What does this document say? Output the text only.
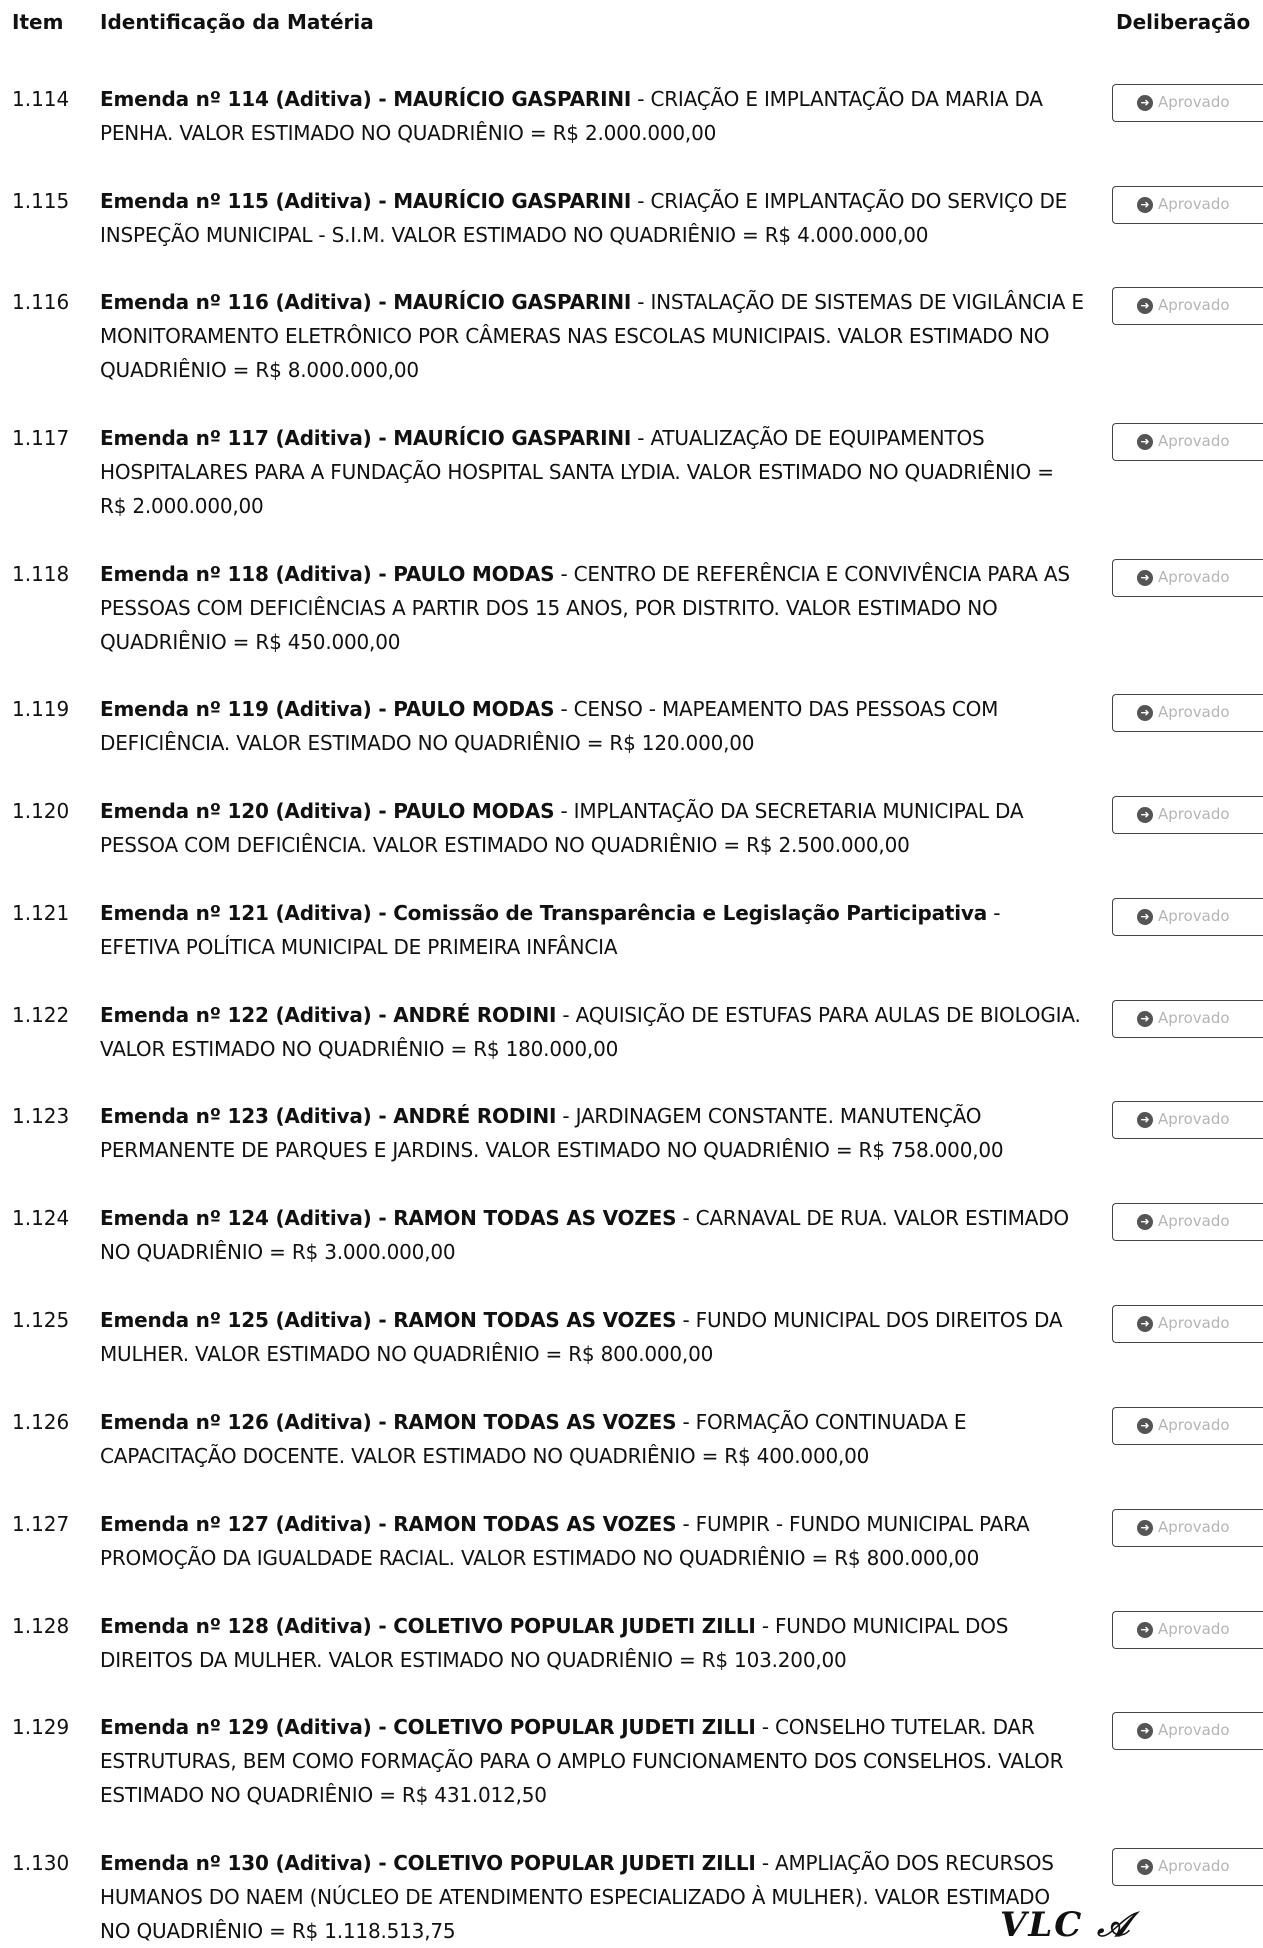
Item Identificação da Matéria	Deliberação
1.114 Emenda nº 114 (Aditiva) - MAURÍCIO GASPARINI - CRIAÇÃO E IMPLANTAÇÃO DA MARIA DA PENHA. VALOR ESTIMADO NO QUADRIÊNIO = R$ 2.000.000,00
➜ Aprovado
1.115 Emenda nº 115 (Aditiva) - MAURÍCIO GASPARINI - CRIAÇÃO E IMPLANTAÇÃO DO SERVIÇO DE INSPEÇÃO MUNICIPAL - S.I.M. VALOR ESTIMADO NO QUADRIÊNIO = R$ 4.000.000,00
➜ Aprovado
1.116 Emenda nº 116 (Aditiva) - MAURÍCIO GASPARINI - INSTALAÇÃO DE SISTEMAS DE VIGILÂNCIA E MONITORAMENTO ELETRÔNICO POR CÂMERAS NAS ESCOLAS MUNICIPAIS. VALOR ESTIMADO NO QUADRIÊNIO = R$ 8.000.000,00
➜ Aprovado
1.117 Emenda nº 117 (Aditiva) - MAURÍCIO GASPARINI - ATUALIZAÇÃO DE EQUIPAMENTOS HOSPITALARES PARA A FUNDAÇÃO HOSPITAL SANTA LYDIA. VALOR ESTIMADO NO QUADRIÊNIO = R$ 2.000.000,00
➜ Aprovado
1.118 Emenda nº 118 (Aditiva) - PAULO MODAS - CENTRO DE REFERÊNCIA E CONVIVÊNCIA PARA AS PESSOAS COM DEFICIÊNCIAS A PARTIR DOS 15 ANOS, POR DISTRITO. VALOR ESTIMADO NO QUADRIÊNIO = R$ 450.000,00
➜ Aprovado
1.119 Emenda nº 119 (Aditiva) - PAULO MODAS - CENSO - MAPEAMENTO DAS PESSOAS COM DEFICIÊNCIA. VALOR ESTIMADO NO QUADRIÊNIO = R$ 120.000,00
➜ Aprovado
1.120 Emenda nº 120 (Aditiva) - PAULO MODAS - IMPLANTAÇÃO DA SECRETARIA MUNICIPAL DA PESSOA COM DEFICIÊNCIA. VALOR ESTIMADO NO QUADRIÊNIO = R$ 2.500.000,00
➜ Aprovado
1.121 Emenda nº 121 (Aditiva) - Comissão de Transparência e Legislação Participativa - EFETIVA POLÍTICA MUNICIPAL DE PRIMEIRA INFÂNCIA
➜ Aprovado
1.122 Emenda nº 122 (Aditiva) - ANDRÉ RODINI - AQUISIÇÃO DE ESTUFAS PARA AULAS DE BIOLOGIA. VALOR ESTIMADO NO QUADRIÊNIO = R$ 180.000,00
➜ Aprovado
1.123 Emenda nº 123 (Aditiva) - ANDRÉ RODINI - JARDINAGEM CONSTANTE. MANUTENÇÃO PERMANENTE DE PARQUES E JARDINS. VALOR ESTIMADO NO QUADRIÊNIO = R$ 758.000,00
➜ Aprovado
1.124 Emenda nº 124 (Aditiva) - RAMON TODAS AS VOZES - CARNAVAL DE RUA. VALOR ESTIMADO NO QUADRIÊNIO = R$ 3.000.000,00
➜ Aprovado
1.125 Emenda nº 125 (Aditiva) - RAMON TODAS AS VOZES - FUNDO MUNICIPAL DOS DIREITOS DA MULHER. VALOR ESTIMADO NO QUADRIÊNIO = R$ 800.000,00
➜ Aprovado
1.126 Emenda nº 126 (Aditiva) - RAMON TODAS AS VOZES - FORMAÇÃO CONTINUADA E CAPACITAÇÃO DOCENTE. VALOR ESTIMADO NO QUADRIÊNIO = R$ 400.000,00
➜ Aprovado
1.127 Emenda nº 127 (Aditiva) - RAMON TODAS AS VOZES - FUMPIR - FUNDO MUNICIPAL PARA PROMOÇÃO DA IGUALDADE RACIAL. VALOR ESTIMADO NO QUADRIÊNIO = R$ 800.000,00
➜ Aprovado
1.128 Emenda nº 128 (Aditiva) - COLETIVO POPULAR JUDETI ZILLI - FUNDO MUNICIPAL DOS DIREITOS DA MULHER. VALOR ESTIMADO NO QUADRIÊNIO = R$ 103.200,00
➜ Aprovado
1.129 Emenda nº 129 (Aditiva) - COLETIVO POPULAR JUDETI ZILLI - CONSELHO TUTELAR. DAR ESTRUTURAS, BEM COMO FORMAÇÃO PARA O AMPLO FUNCIONAMENTO DOS CONSELHOS. VALOR ESTIMADO NO QUADRIÊNIO = R$ 431.012,50
➜ Aprovado
1.130 Emenda nº 130 (Aditiva) - COLETIVO POPULAR JUDETI ZILLI - AMPLIAÇÃO DOS RECURSOS HUMANOS DO NAEM (NÚCLEO DE ATENDIMENTO ESPECIALIZADO À MULHER). VALOR ESTIMADO NO QUADRIÊNIO = R$ 1.118.513,75
➜ Aprovado
VLC 𝒜
